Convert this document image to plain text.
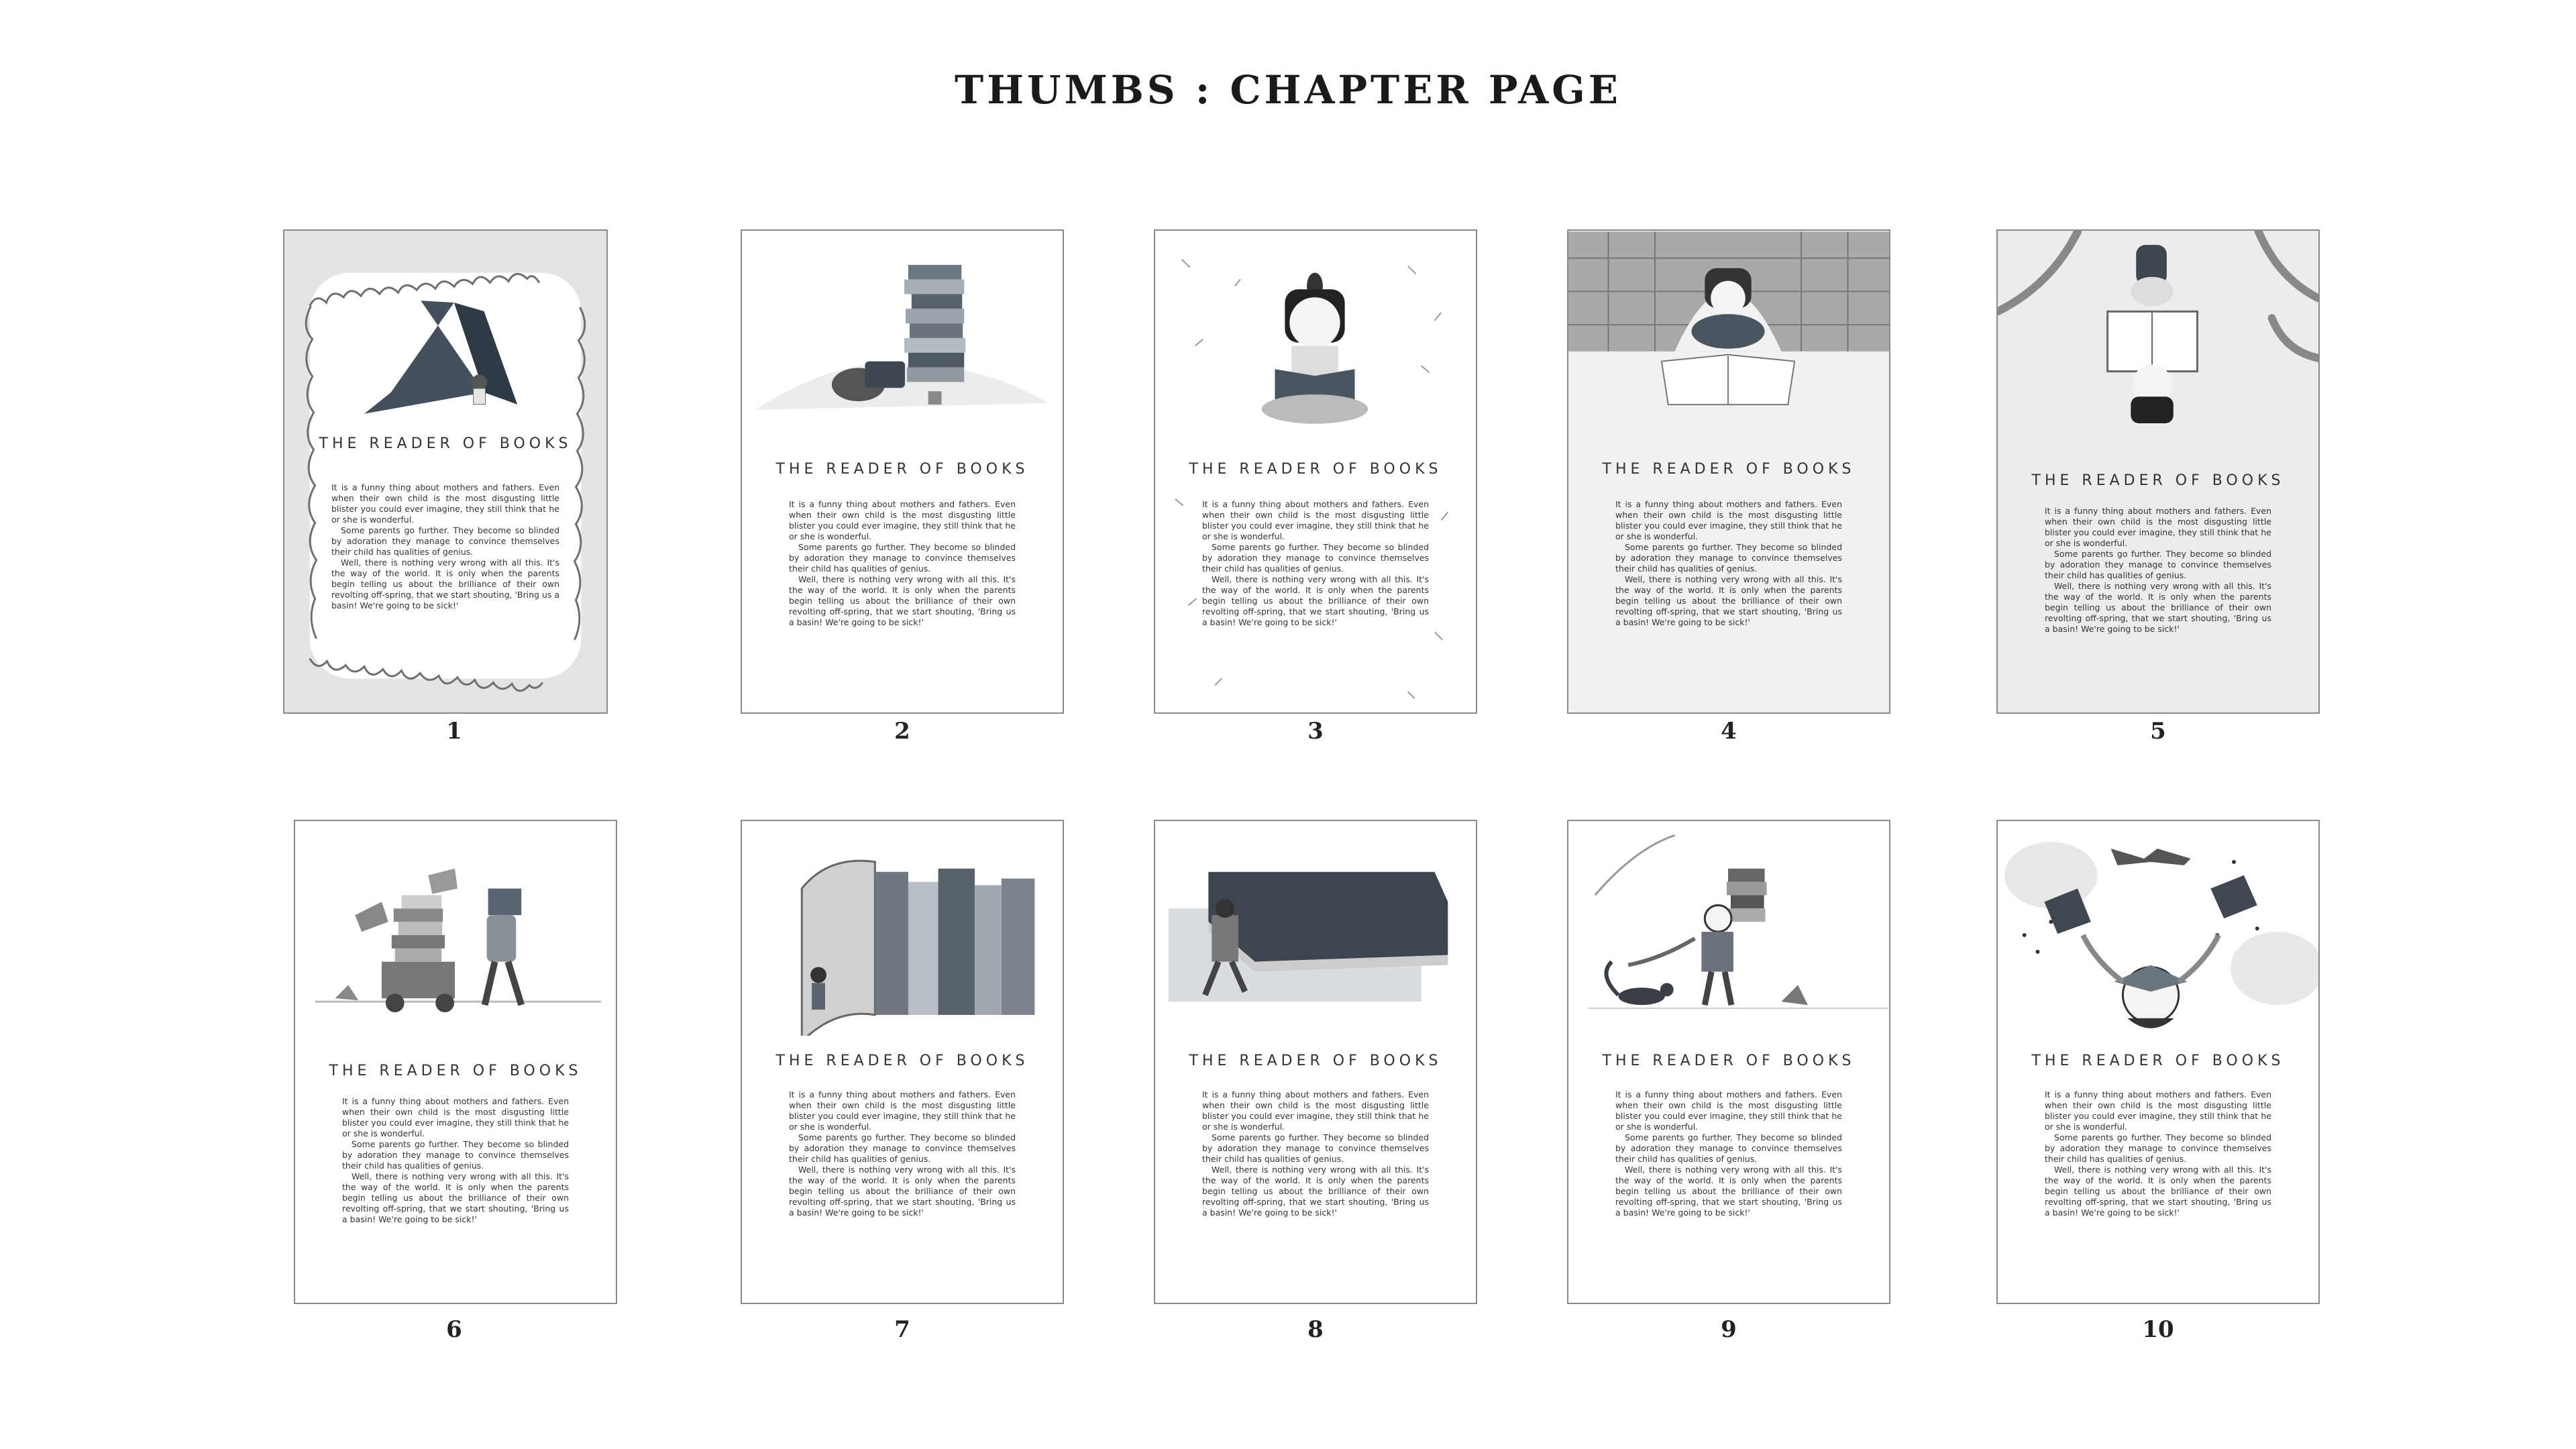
THUMBS : CHAPTER PAGE
THE READER OF BOOKS

It is a funny thing about mothers and fathers. Even when their own child is the most disgusting little blister you could ever imagine, they still think that he or she is wonderful.

Some parents go further. They become so blinded by adoration they manage to convince themselves their child has qualities of genius.

Well, there is nothing very wrong with all this. It's the way of the world. It is only when the parents begin telling us about the brilliance of their own revolting off-spring, that we start shouting, 'Bring us a basin! We're going to be sick!'

1
THE READER OF BOOKS

It is a funny thing about mothers and fathers. Even when their own child is the most disgusting little blister you could ever imagine, they still think that he or she is wonderful.

Some parents go further. They become so blinded by adoration they manage to convince themselves their child has qualities of genius.

Well, there is nothing very wrong with all this. It's the way of the world. It is only when the parents begin telling us about the brilliance of their own revolting off-spring, that we start shouting, 'Bring us a basin! We're going to be sick!'

2
THE READER OF BOOKS

It is a funny thing about mothers and fathers. Even when their own child is the most disgusting little blister you could ever imagine, they still think that he or she is wonderful.

Some parents go further. They become so blinded by adoration they manage to convince themselves their child has qualities of genius.

Well, there is nothing very wrong with all this. It's the way of the world. It is only when the parents begin telling us about the brilliance of their own revolting off-spring, that we start shouting, 'Bring us a basin! We're going to be sick!'

3
THE READER OF BOOKS

It is a funny thing about mothers and fathers. Even when their own child is the most disgusting little blister you could ever imagine, they still think that he or she is wonderful.

Some parents go further. They become so blinded by adoration they manage to convince themselves their child has qualities of genius.

Well, there is nothing very wrong with all this. It's the way of the world. It is only when the parents begin telling us about the brilliance of their own revolting off-spring, that we start shouting, 'Bring us a basin! We're going to be sick!'

4
THE READER OF BOOKS

It is a funny thing about mothers and fathers. Even when their own child is the most disgusting little blister you could ever imagine, they still think that he or she is wonderful.

Some parents go further. They become so blinded by adoration they manage to convince themselves their child has qualities of genius.

Well, there is nothing very wrong with all this. It's the way of the world. It is only when the parents begin telling us about the brilliance of their own revolting off-spring, that we start shouting, 'Bring us a basin! We're going to be sick!'

5
THE READER OF BOOKS

It is a funny thing about mothers and fathers. Even when their own child is the most disgusting little blister you could ever imagine, they still think that he or she is wonderful.

Some parents go further. They become so blinded by adoration they manage to convince themselves their child has qualities of genius.

Well, there is nothing very wrong with all this. It's the way of the world. It is only when the parents begin telling us about the brilliance of their own revolting off-spring, that we start shouting, 'Bring us a basin! We're going to be sick!'

6
THE READER OF BOOKS

It is a funny thing about mothers and fathers. Even when their own child is the most disgusting little blister you could ever imagine, they still think that he or she is wonderful.

Some parents go further. They become so blinded by adoration they manage to convince themselves their child has qualities of genius.

Well, there is nothing very wrong with all this. It's the way of the world. It is only when the parents begin telling us about the brilliance of their own revolting off-spring, that we start shouting, 'Bring us a basin! We're going to be sick!'

7
THE READER OF BOOKS

It is a funny thing about mothers and fathers. Even when their own child is the most disgusting little blister you could ever imagine, they still think that he or she is wonderful.

Some parents go further. They become so blinded by adoration they manage to convince themselves their child has qualities of genius.

Well, there is nothing very wrong with all this. It's the way of the world. It is only when the parents begin telling us about the brilliance of their own revolting off-spring, that we start shouting, 'Bring us a basin! We're going to be sick!'

8
THE READER OF BOOKS

It is a funny thing about mothers and fathers. Even when their own child is the most disgusting little blister you could ever imagine, they still think that he or she is wonderful.

Some parents go further. They become so blinded by adoration they manage to convince themselves their child has qualities of genius.

Well, there is nothing very wrong with all this. It's the way of the world. It is only when the parents begin telling us about the brilliance of their own revolting off-spring, that we start shouting, 'Bring us a basin! We're going to be sick!'

9
THE READER OF BOOKS

It is a funny thing about mothers and fathers. Even when their own child is the most disgusting little blister you could ever imagine, they still think that he or she is wonderful.

Some parents go further. They become so blinded by adoration they manage to convince themselves their child has qualities of genius.

Well, there is nothing very wrong with all this. It's the way of the world. It is only when the parents begin telling us about the brilliance of their own revolting off-spring, that we start shouting, 'Bring us a basin! We're going to be sick!'

10
